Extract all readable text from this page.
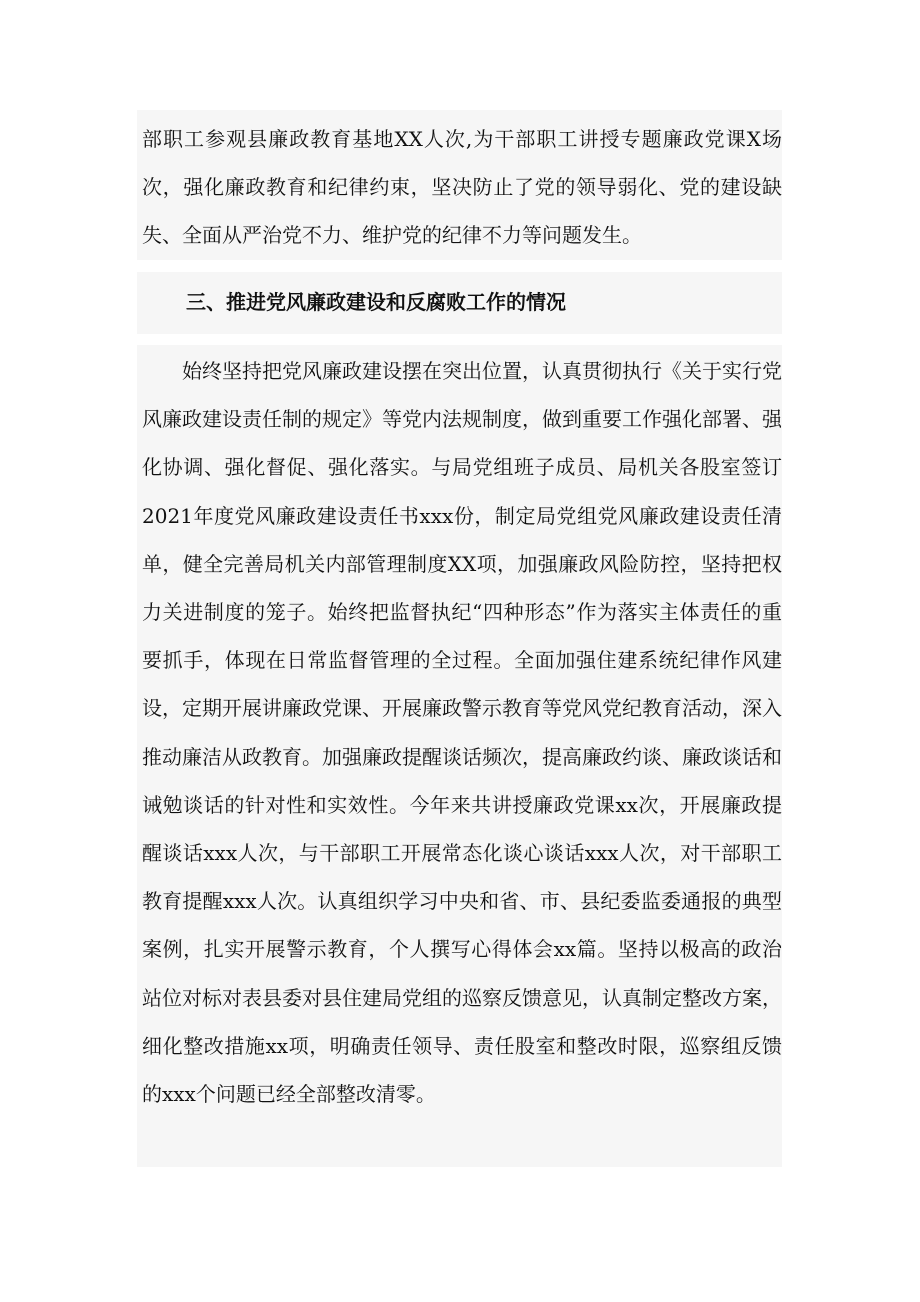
部职工参观县廉政教育基地XX人次,为干部职工讲授专题廉政党课X场次，强化廉政教育和纪律约束，坚决防止了党的领导弱化、党的建设缺失、全面从严治党不力、维护党的纪律不力等问题发生。

三、推进党风廉政建设和反腐败工作的情况

始终坚持把党风廉政建设摆在突出位置，认真贯彻执行《关于实行党风廉政建设责任制的规定》等党内法规制度，做到重要工作强化部署、强化协调、强化督促、强化落实。与局党组班子成员、局机关各股室签订2021年度党风廉政建设责任书xxx份，制定局党组党风廉政建设责任清单，健全完善局机关内部管理制度XX项，加强廉政风险防控，坚持把权力关进制度的笼子。始终把监督执纪“四种形态”作为落实主体责任的重要抓手，体现在日常监督管理的全过程。全面加强住建系统纪律作风建设，定期开展讲廉政党课、开展廉政警示教育等党风党纪教育活动，深入推动廉洁从政教育。加强廉政提醒谈话频次，提高廉政约谈、廉政谈话和诫勉谈话的针对性和实效性。今年来共讲授廉政党课xx次，开展廉政提醒谈话xxx人次，与干部职工开展常态化谈心谈话xxx人次，对干部职工教育提醒xxx人次。认真组织学习中央和省、市、县纪委监委通报的典型案例，扎实开展警示教育，个人撰写心得体会xx篇。坚持以极高的政治站位对标对表县委对县住建局党组的巡察反馈意见，认真制定整改方案，细化整改措施xx项，明确责任领导、责任股室和整改时限，巡察组反馈的xxx个问题已经全部整改清零。
